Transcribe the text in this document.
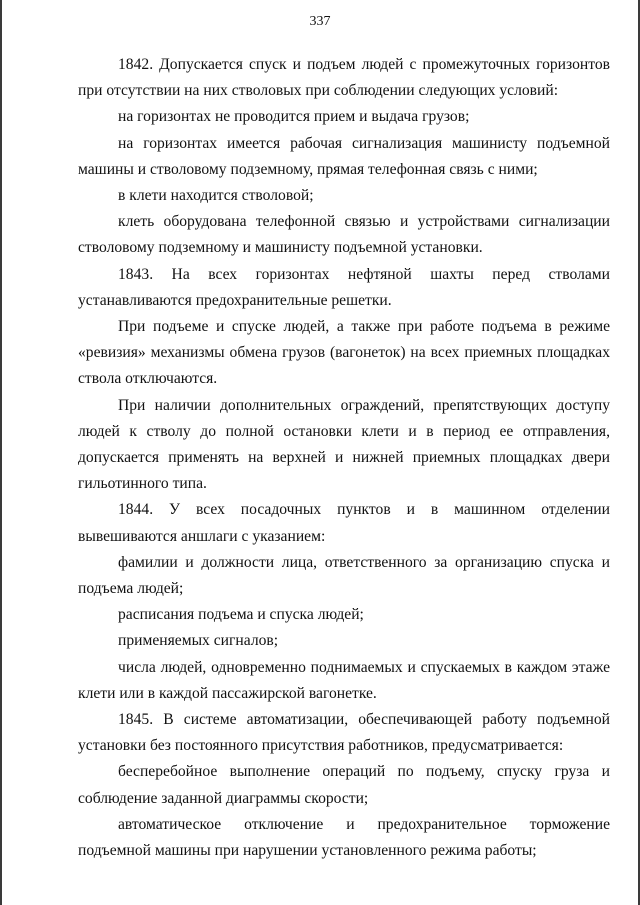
337

1842. Допускается спуск и подъем людей с промежуточных горизонтов при отсутствии на них стволовых при соблюдении следующих условий:

на горизонтах не проводится прием и выдача грузов;

на горизонтах имеется рабочая сигнализация машинисту подъемной машины и стволовому подземному, прямая телефонная связь с ними;

в клети находится стволовой;

клеть оборудована телефонной связью и устройствами сигнализации стволовому подземному и машинисту подъемной установки.

1843. На всех горизонтах нефтяной шахты перед стволами устанавливаются предохранительные решетки.

При подъеме и спуске людей, а также при работе подъема в режиме «ревизия» механизмы обмена грузов (вагонеток) на всех приемных площадках ствола отключаются.

При наличии дополнительных ограждений, препятствующих доступу людей к стволу до полной остановки клети и в период ее отправления, допускается применять на верхней и нижней приемных площадках двери гильотинного типа.

1844. У всех посадочных пунктов и в машинном отделении вывешиваются аншлаги с указанием:

фамилии и должности лица, ответственного за организацию спуска и подъема людей;

расписания подъема и спуска людей;

применяемых сигналов;

числа людей, одновременно поднимаемых и спускаемых в каждом этаже клети или в каждой пассажирской вагонетке.

1845. В системе автоматизации, обеспечивающей работу подъемной установки без постоянного присутствия работников, предусматривается:

бесперебойное выполнение операций по подъему, спуску груза и соблюдение заданной диаграммы скорости;

автоматическое отключение и предохранительное торможение подъемной машины при нарушении установленного режима работы;
